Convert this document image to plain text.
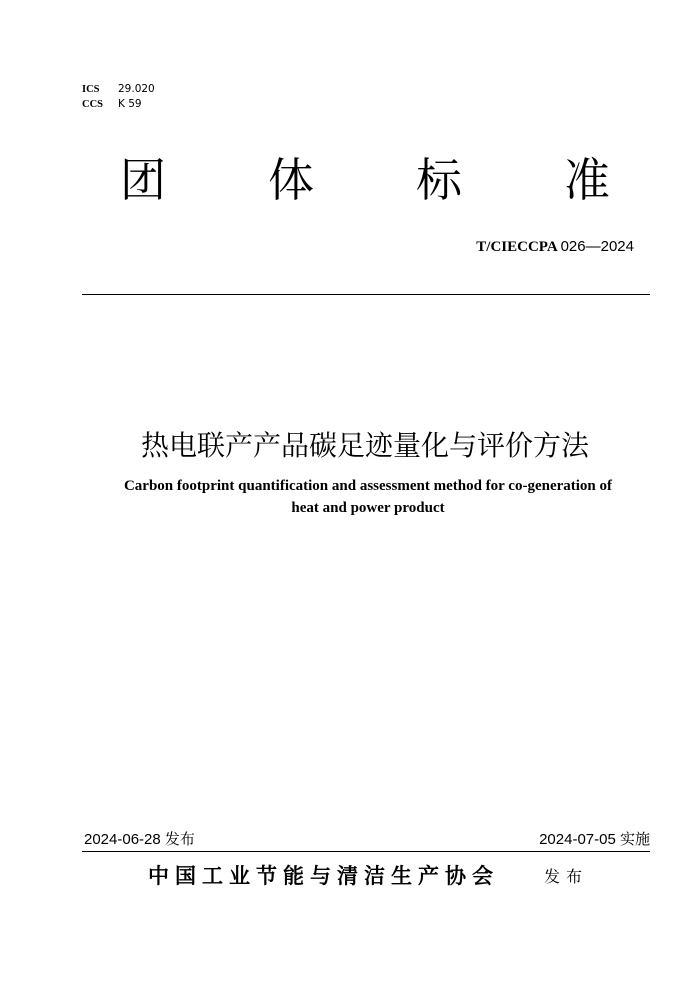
ICS 29.020
CCS K 59
团 体 标 准
T/CIECCPA 026—2024
热电联产产品碳足迹量化与评价方法
Carbon footprint quantification and assessment method for co-generation of
heat and power product
2024-06-28 发布	2024-07-05 实施
中国工业节能与清洁生产协会	发布
